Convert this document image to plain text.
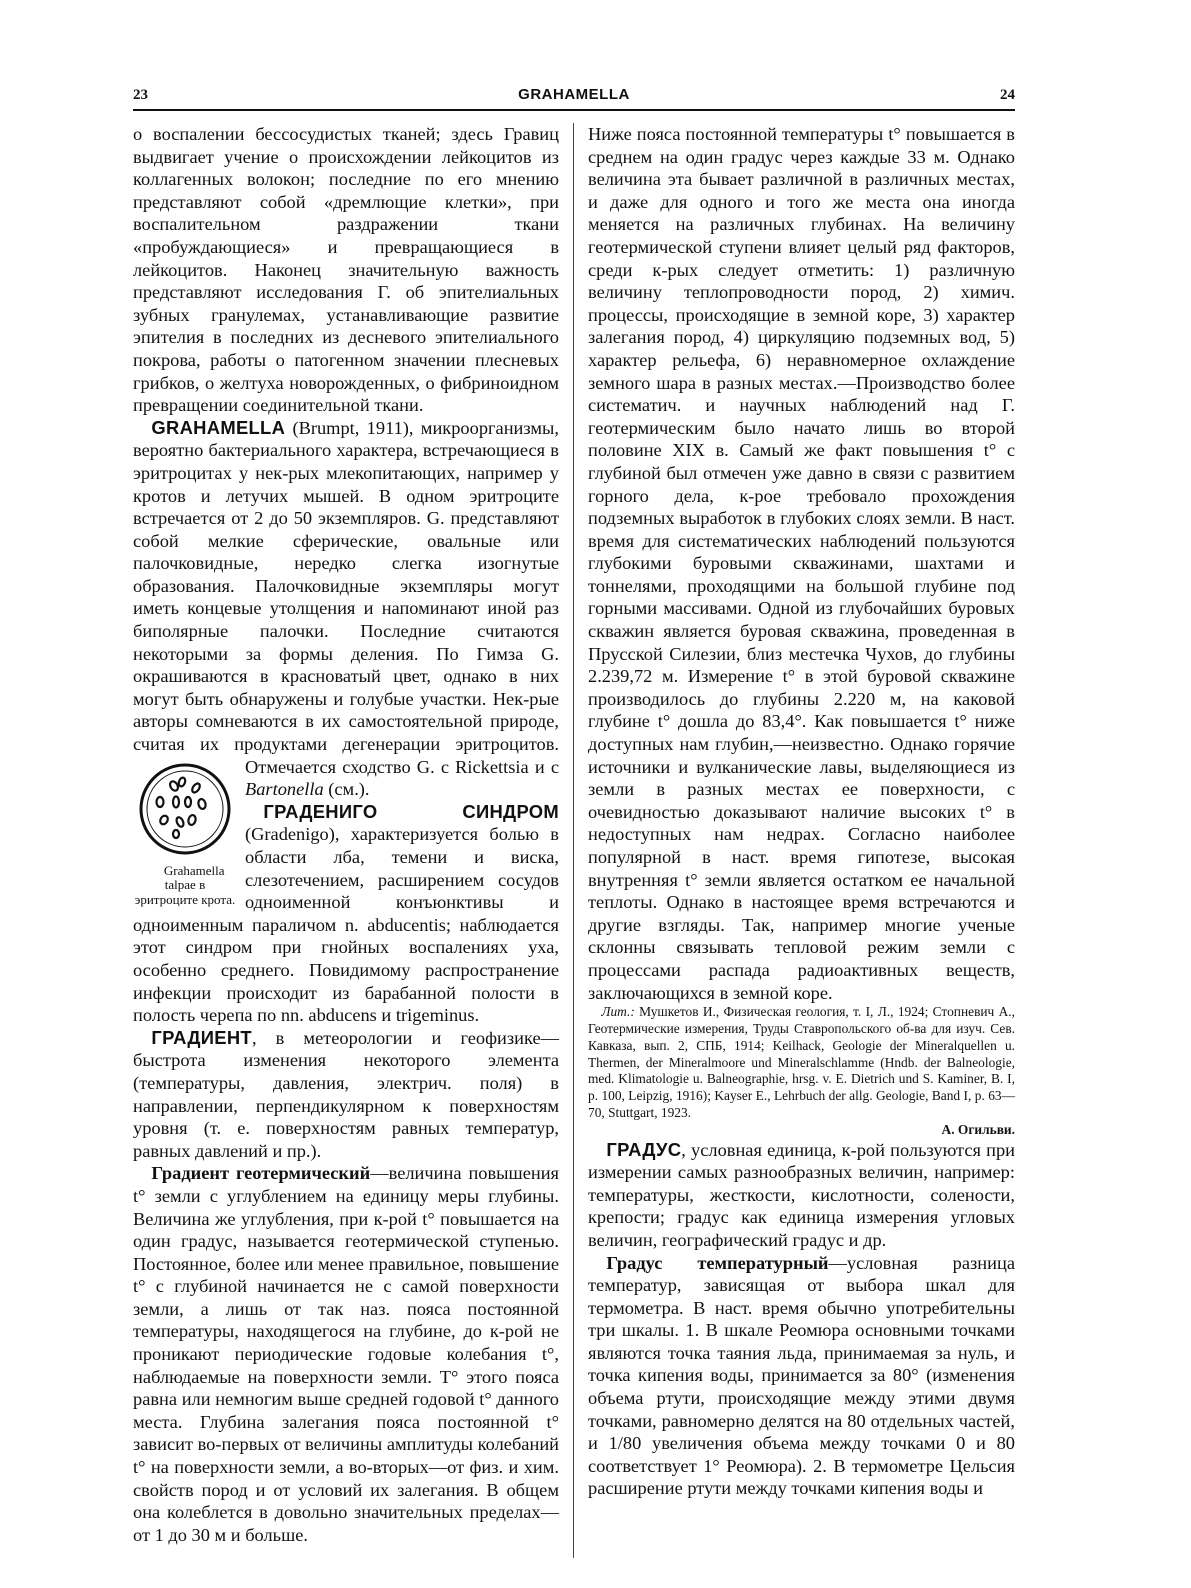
23	GRAHAMELLA	24

о воспалении бессосудистых тканей; здесь Гравиц выдвигает учение о происхождении лейкоцитов из коллагенных волокон; последние по его мнению представляют собой «дремлющие клетки», при воспалительном раздражении ткани «пробуждающиеся» и превращающиеся в лейкоцитов. Наконец значительную важность представляют исследования Г. об эпителиальных зубных гранулемах, устанавливающие развитие эпителия в последних из десневого эпителиального покрова, работы о патогенном значении плесневых грибков, о желтуха новорожденных, о фибриноидном превращении соединительной ткани.

GRAHAMELLA (Brumpt, 1911), микроорганизмы, вероятно бактериального характера, встречающиеся в эритроцитах у нек-рых млекопитающих, например у кротов и летучих мышей. В одном эритроците встречается от 2 до 50 экземпляров. G. представляют собой мелкие сферические, овальные или палочковидные, нередко слегка изогнутые образования. Палочковидные экземпляры могут иметь концевые утолщения и напоминают иной раз биполярные палочки. Последние считаются некоторыми за формы деления. По Гимза G. окрашиваются в красноватый цвет, однако в них могут быть обнаружены и голубые участки. Нек-рые авторы сомневаются в их самостоятельной природе, считая их продуктами дегенерации эритроцитов. Отмечается сходство G. с Rickettsia и с
Grahamella talpae в эритроците крота.
Bartonella (см.).

ГРАДЕНИГО СИНДРОМ (Gradenigo), характеризуется болью в области лба, темени и виска, слезотечением, расширением сосудов одноименной конъюнктивы и одноименным параличом n. abducentis; наблюдается этот синдром при гнойных воспалениях уха, особенно среднего. Повидимому распространение инфекции происходит из барабанной полости в полость черепа по nn. abducens и trigeminus.

ГРАДИЕНТ, в метеорологии и геофизике—быстрота изменения некоторого элемента (температуры, давления, электрич. поля) в направлении, перпендикулярном к поверхностям уровня (т. е. поверхностям равных температур, равных давлений и пр.).

Градиент геотермический—величина повышения t° земли с углублением на единицу меры глубины. Величина же углубления, при к-рой t° повышается на один градус, называется геотермической ступенью. Постоянное, более или менее правильное, повышение t° с глубиной начинается не с самой поверхности земли, а лишь от так наз. пояса постоянной температуры, находящегося на глубине, до к-рой не проникают периодические годовые колебания t°, наблюдаемые на поверхности земли. T° этого пояса равна или немногим выше средней годовой t° данного места. Глубина залегания пояса постоянной t° зависит во-первых от величины амплитуды колебаний t° на поверхности земли, а во-вторых—от физ. и хим. свойств пород и от условий их залегания. В общем она колеблется в довольно значительных пределах—от 1 до 30 м и больше.

Ниже пояса постоянной температуры t° повышается в среднем на один градус через каждые 33 м. Однако величина эта бывает различной в различных местах, и даже для одного и того же места она иногда меняется на различных глубинах. На величину геотермической ступени влияет целый ряд факторов, среди к-рых следует отметить: 1) различную величину теплопроводности пород, 2) химич. процессы, происходящие в земной коре, 3) характер залегания пород, 4) циркуляцию подземных вод, 5) характер рельефа, 6) неравномерное охлаждение земного шара в разных местах.—Производство более систематич. и научных наблюдений над Г. геотермическим было начато лишь во второй половине XIX в. Самый же факт повышения t° с глубиной был отмечен уже давно в связи с развитием горного дела, к-рое требовало прохождения подземных выработок в глубоких слоях земли. В наст. время для систематических наблюдений пользуются глубокими буровыми скважинами, шахтами и тоннелями, проходящими на большой глубине под горными массивами. Одной из глубочайших буровых скважин является буровая скважина, проведенная в Прусской Силезии, близ местечка Чухов, до глубины 2.239,72 м. Измерение t° в этой буровой скважине производилось до глубины 2.220 м, на каковой глубине t° дошла до 83,4°. Как повышается t° ниже доступных нам глубин,—неизвестно. Однако горячие источники и вулканические лавы, выделяющиеся из земли в разных местах ее поверхности, с очевидностью доказывают наличие высоких t° в недоступных нам недрах. Согласно наиболее популярной в наст. время гипотезе, высокая внутренняя t° земли является остатком ее начальной теплоты. Однако в настоящее время встречаются и другие взгляды. Так, например многие ученые склонны связывать тепловой режим земли с процессами распада радиоактивных веществ, заключающихся в земной коре.

Лит.: Мушкетов И., Физическая геология, т. I, Л., 1924; Стопневич А., Геотермические измерения, Труды Ставропольского об-ва для изуч. Сев. Кавказа, вып. 2, СПБ, 1914; Keilhack, Geologie der Mineralquellen u. Thermen, der Mineralmoore und Mineralschlamme (Hndb. der Balneologie, med. Klimatologie u. Balneographie, hrsg. v. E. Dietrich und S. Kaminer, B. I, p. 100, Leipzig, 1916); Kayser E., Lehrbuch der allg. Geologie, Band I, p. 63—70, Stuttgart, 1923.
А. Огильви.

ГРАДУС, условная единица, к-рой пользуются при измерении самых разнообразных величин, например: температуры, жесткости, кислотности, солености, крепости; градус как единица измерения угловых величин, географический градус и др.

Градус температурный—условная разница температур, зависящая от выбора шкал для термометра. В наст. время обычно употребительны три шкалы. 1. В шкале Реомюра основными точками являются точка таяния льда, принимаемая за нуль, и точка кипения воды, принимается за 80° (изменения объема ртути, происходящие между этими двумя точками, равномерно делятся на 80 отдельных частей, и 1/80 увеличения объема между точками 0 и 80 соответствует 1° Реомюра). 2. В термометре Цельсия расширение ртути между точками кипения воды и
